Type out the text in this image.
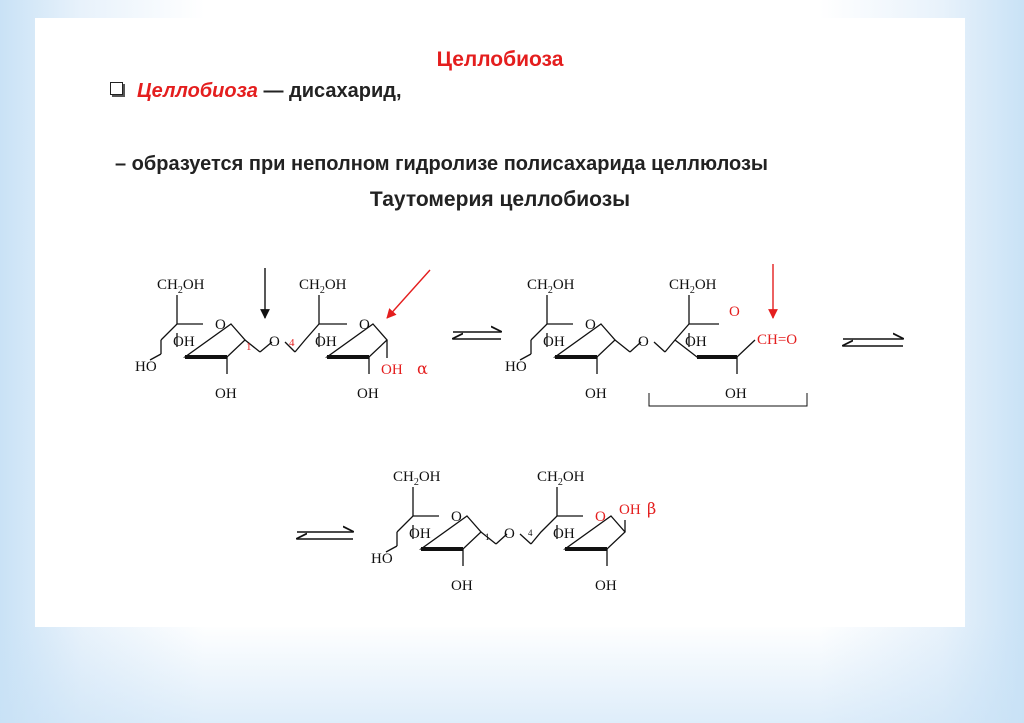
Целлобиоза
Целлобиоза — дисахарид,
– образуется при неполном гидролизе полисахарида целлюлозы
Таутомерия целлобиозы
O
$CH_2OH$
OH
HO
OH
1 O 4
O
$CH_2OH$
OH
OH
OH α
O
$CH_2OH$
OH
HO
OH
O
O
$CH_2OH$
OH
OH
CH=O
O
$CH_2OH$
OH
HO
OH
1 O 4
O
$CH_2OH$
OH
OH
OH β
